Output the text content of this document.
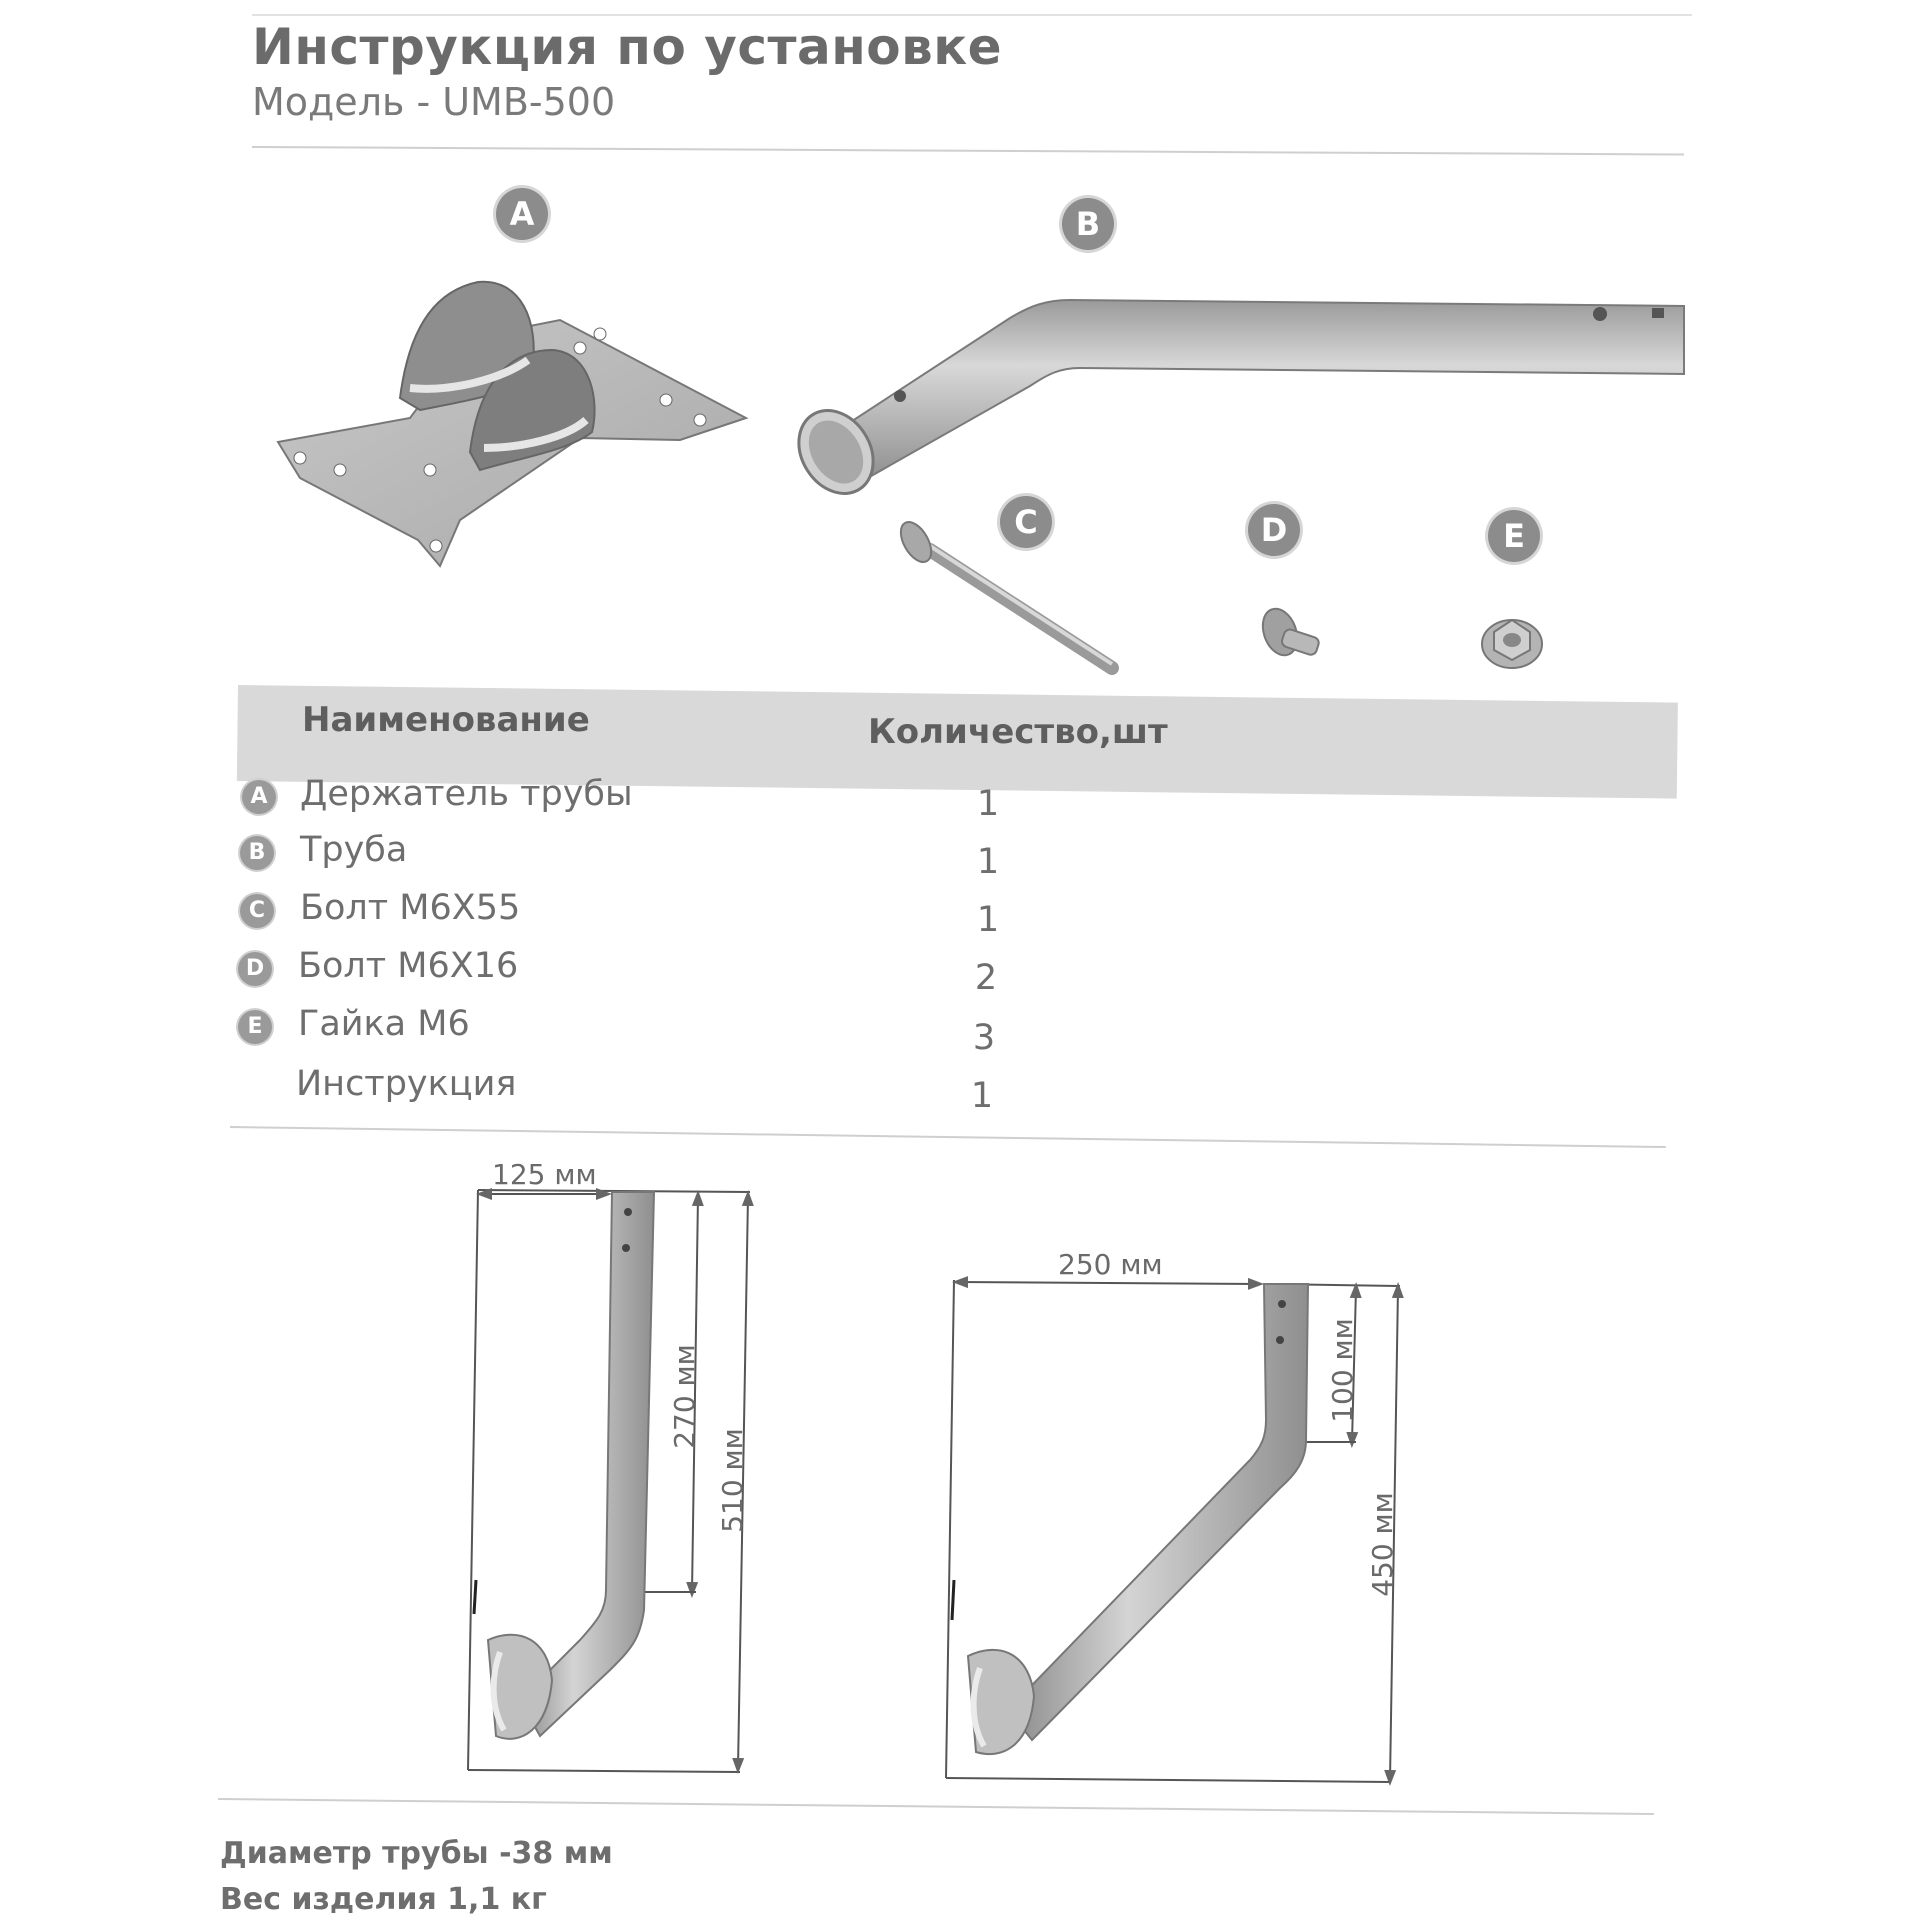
Инструкция по установке
Модель - UMB-500
A	B
C	D	E
Наименование	Количество,шт
A Держатель трубы	1
B Труба	1
C Болт M6X55	1
D Болт M6X16	2
E Гайка M6	3
Инструкция	1
125 мм
270 мм
510 мм
250 мм
100 мм
450 мм
Диаметр трубы -38 мм
Вес изделия 1,1 кг
